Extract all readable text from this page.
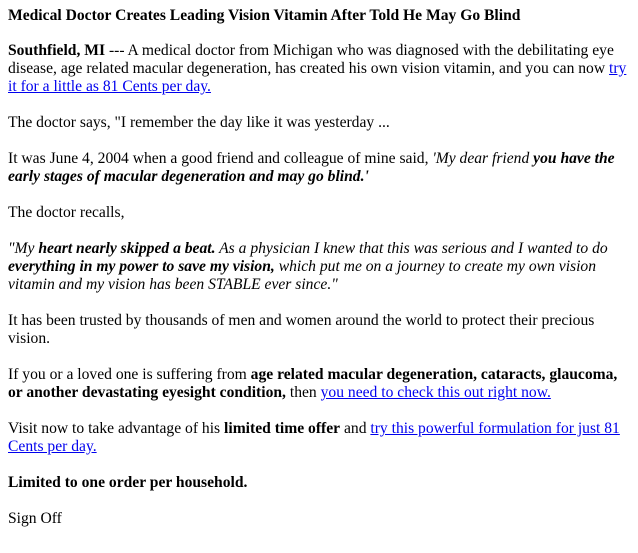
Medical Doctor Creates Leading Vision Vitamin After Told He May Go Blind

Southfield, MI --- A medical doctor from Michigan who was diagnosed with the debilitating eye disease, age related macular degeneration, has created his own vision vitamin, and you can now try it for a little as 81 Cents per day.

The doctor says, "I remember the day like it was yesterday ...

It was June 4, 2004 when a good friend and colleague of mine said, 'My dear friend you have the early stages of macular degeneration and may go blind.'

The doctor recalls,

"My heart nearly skipped a beat. As a physician I knew that this was serious and I wanted to do everything in my power to save my vision, which put me on a journey to create my own vision vitamin and my vision has been STABLE ever since."

It has been trusted by thousands of men and women around the world to protect their precious vision.

If you or a loved one is suffering from age related macular degeneration, cataracts, glaucoma, or another devastating eyesight condition, then you need to check this out right now.

Visit now to take advantage of his limited time offer and try this powerful formulation for just 81 Cents per day.

Limited to one order per household.

Sign Off
